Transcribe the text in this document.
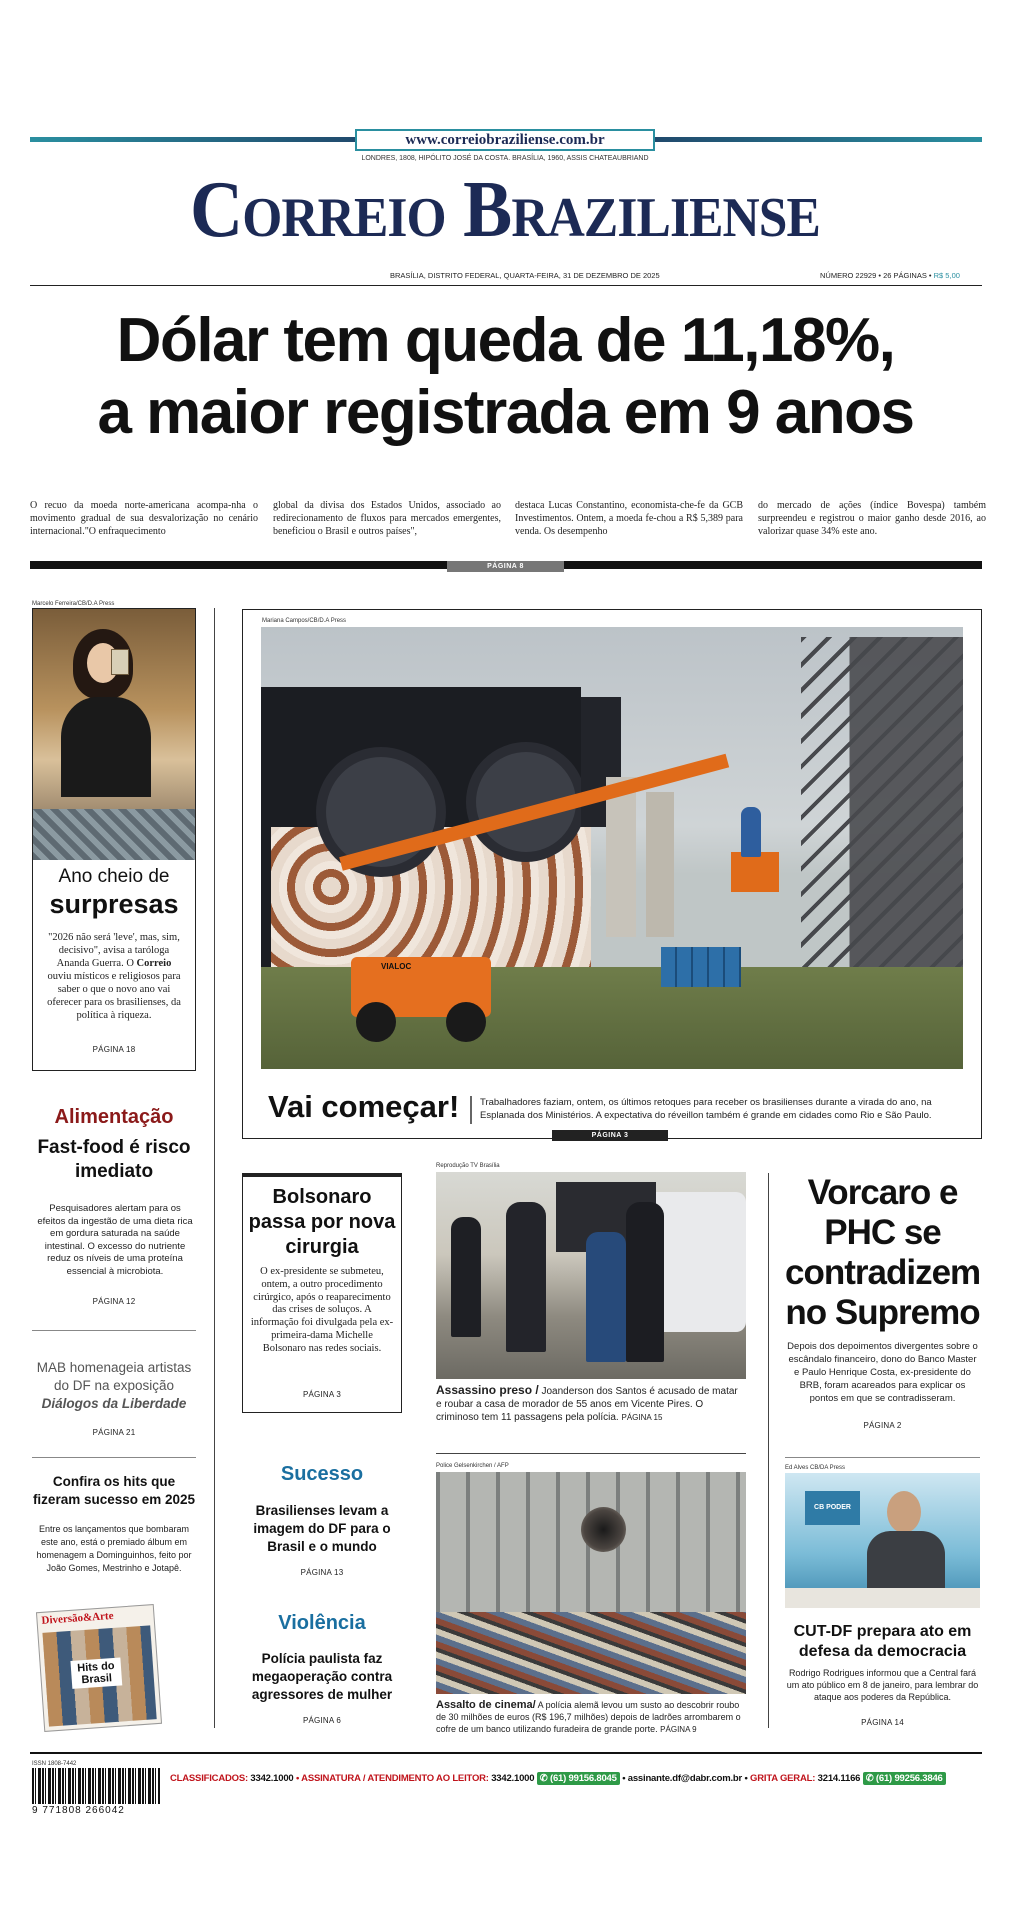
www.correiobraziliense.com.br
LONDRES, 1808, HIPÓLITO JOSÉ DA COSTA. BRASÍLIA, 1960, ASSIS CHATEAUBRIAND
Correio Braziliense
BRASÍLIA, DISTRITO FEDERAL, QUARTA-FEIRA, 31 DE DEZEMBRO DE 2025	NÚMERO 22929 • 26 PÁGINAS • R$ 5,00
Dólar tem queda de 11,18%,
a maior registrada em 9 anos
O recuo da moeda norte-americana acompa-nha o movimento gradual de sua desvalorização no cenário internacional."O enfraquecimento
global da divisa dos Estados Unidos, associado ao redirecionamento de fluxos para mercados emergentes, beneficiou o Brasil e outros países",
destaca Lucas Constantino, economista-che-fe da GCB Investimentos. Ontem, a moeda fe-chou a R$ 5,389 para venda. Os desempenho
do mercado de ações (índice Bovespa) também surpreendeu e registrou o maior ganho desde 2016, ao valorizar quase 34% este ano.
PÁGINA 8
Marcelo Ferreira/CB/D.A Press
Ano cheio de
surpresas
"2026 não será 'leve', mas, sim, decisivo", avisa a taróloga Ananda Guerra. O Correio ouviu místicos e religiosos para saber o que o novo ano vai oferecer para os brasilienses, da política à riqueza.
PÁGINA 18
Mariana Campos/CB/D.A Press
VIALOC
Vai começar! Trabalhadores faziam, ontem, os últimos retoques para receber os brasilienses durante a virada do ano, na Esplanada dos Ministérios. A expectativa do réveillon também é grande em cidades como Rio e São Paulo.
PÁGINA 3
Alimentação
Fast-food é risco imediato
Pesquisadores alertam para os efeitos da ingestão de uma dieta rica em gordura saturada na saúde intestinal. O excesso do nutriente reduz os níveis de uma proteína essencial à microbiota.
PÁGINA 12
MAB homenageia artistas do DF na exposição Diálogos da Liberdade
PÁGINA 21
Confira os hits que fizeram sucesso em 2025
Entre os lançamentos que bombaram este ano, está o premiado álbum em homenagem a Dominguinhos, feito por João Gomes, Mestrinho e Jotapê.
Diversão&Arte
Hits do Brasil
Bolsonaro passa por nova cirurgia
O ex-presidente se submeteu, ontem, a outro procedimento cirúrgico, após o reaparecimento das crises de soluços. A informação foi divulgada pela ex-primeira-dama Michelle Bolsonaro nas redes sociais.
PÁGINA 3
Sucesso
Brasilienses levam a imagem do DF para o Brasil e o mundo
PÁGINA 13
Violência
Polícia paulista faz megaoperação contra agressores de mulher
PÁGINA 6
Reprodução TV Brasília
Assassino preso / Joanderson dos Santos é acusado de matar e roubar a casa de morador de 55 anos em Vicente Pires. O criminoso tem 11 passagens pela polícia. PÁGINA 15
Police Gelsenkirchen / AFP
Assalto de cinema/ A polícia alemã levou um susto ao descobrir roubo de 30 milhões de euros (R$ 196,7 milhões) depois de ladrões arrombarem o cofre de um banco utilizando furadeira de grande porte. PÁGINA 9
Vorcaro e PHC se contradizem no Supremo
Depois dos depoimentos divergentes sobre o escândalo financeiro, dono do Banco Master e Paulo Henrique Costa, ex-presidente do BRB, foram acareados para explicar os pontos em que se contradisseram.
PÁGINA 2
Ed Alves CB/DA Press
CB PODER
CUT-DF prepara ato em defesa da democracia
Rodrigo Rodrigues informou que a Central fará um ato público em 8 de janeiro, para lembrar do ataque aos poderes da República.
PÁGINA 14
ISSN 1808-7442
9 771808 266042
CLASSIFICADOS: 3342.1000 • ASSINATURA / ATENDIMENTO AO LEITOR: 3342.1000 ✆ (61) 99156.8045 • assinante.df@dabr.com.br • GRITA GERAL: 3214.1166 ✆ (61) 99256.3846
